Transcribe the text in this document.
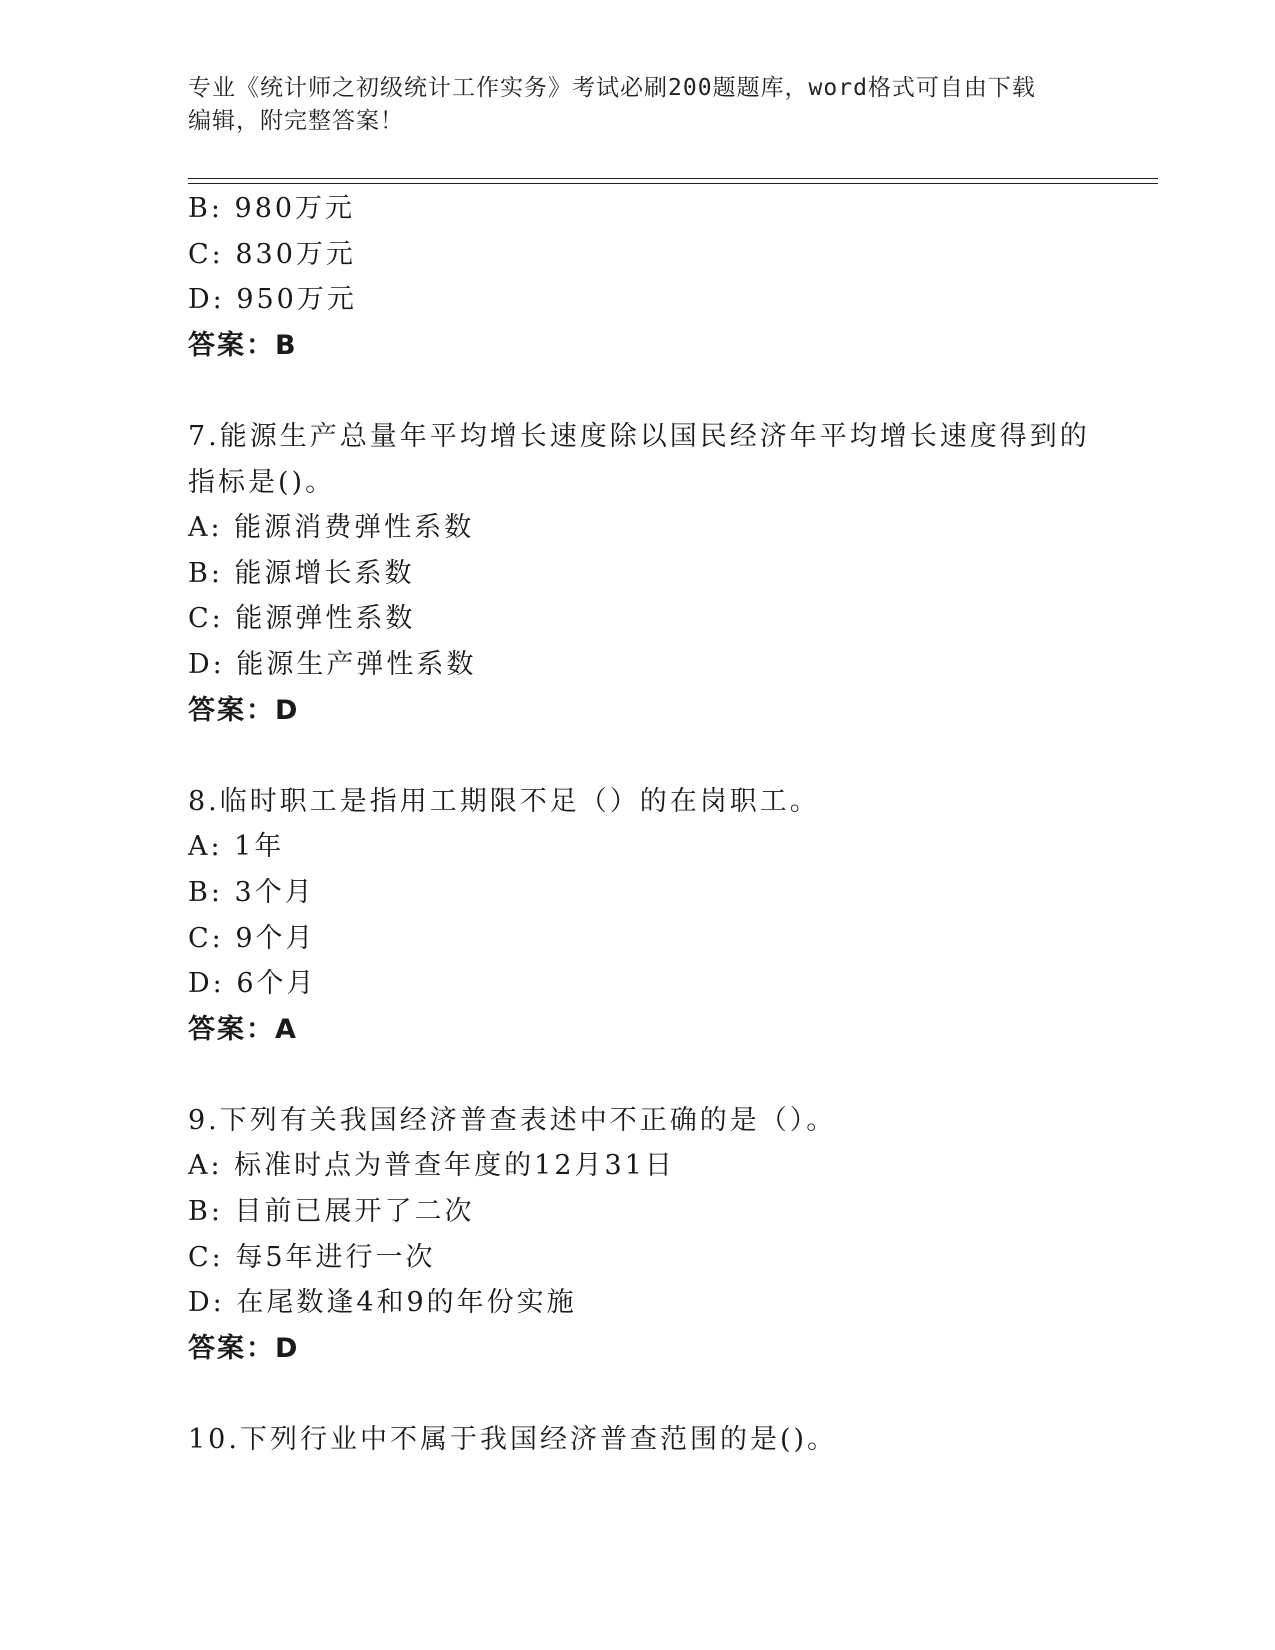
专业《统计师之初级统计工作实务》考试必刷200题题库，word格式可自由下载
编辑，附完整答案！
B: 980万元
C: 830万元
D: 950万元
答案：B
7.能源生产总量年平均增长速度除以国民经济年平均增长速度得到的
指标是()。
A: 能源消费弹性系数
B: 能源增长系数
C: 能源弹性系数
D: 能源生产弹性系数
答案：D
8.临时职工是指用工期限不足（）的在岗职工。
A: 1年
B: 3个月
C: 9个月
D: 6个月
答案：A
9.下列有关我国经济普查表述中不正确的是（）。
A: 标准时点为普查年度的12月31日
B: 目前已展开了二次
C: 每5年进行一次
D: 在尾数逢4和9的年份实施
答案：D
10.下列行业中不属于我国经济普查范围的是()。
